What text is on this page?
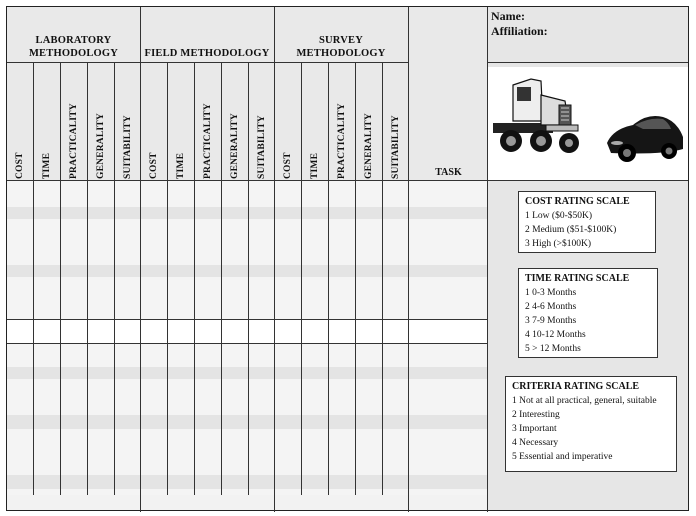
LABORATORY
METHODOLOGY	FIELD METHODOLOGY
SURVEY METHODOLOGY
COST TIME PRACTICALITY GENERALITY SUITABILITY COST TIME PRACTICALITY GENERALITY SUITABILITY COST TIME PRACTICALITY GENERALITY SUITABILITY	TASK
Name:
Affiliation:
COST RATING SCALE
1 Low ($0-$50K)
2 Medium ($51-$100K)
3 High (>$100K)
TIME RATING SCALE
1 0-3 Months
2 4-6 Months
3 7-9 Months
4 10-12 Months
5 > 12 Months
CRITERIA RATING SCALE
1 Not at all practical, general, suitable
2 Interesting
3 Important
4 Necessary
5 Essential and imperative
